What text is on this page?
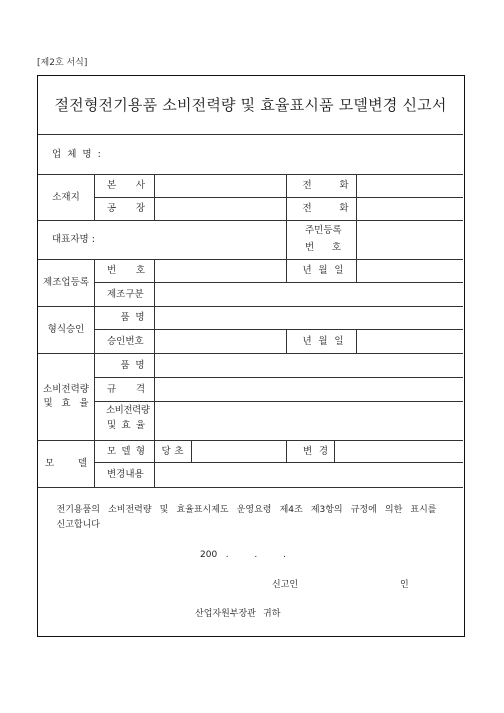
[제2호 서식]
절전형전기용품 소비전력량 및 효율표시품 모델변경 신고서
업 체 명 :
소재지
본 사	전 화
공 장	전 화
대표자명 :
주민등록
번 호
제조업등록
번 호	년 월 일
제조구분
형식승인
품 명
승인번호	년 월 일
소비전력량
및 효 율
품 명
규 격
소비전력량
및 효 율
모 델
모 델 형 당 초	변 경
변경내용
전기용품의 소비전력량 및 효율표시제도 운영요령 제4조 제3항의 규정에 의한 표시를
신고합니다
200   .         .         .
신고인	인
산업자원부장관 귀하
